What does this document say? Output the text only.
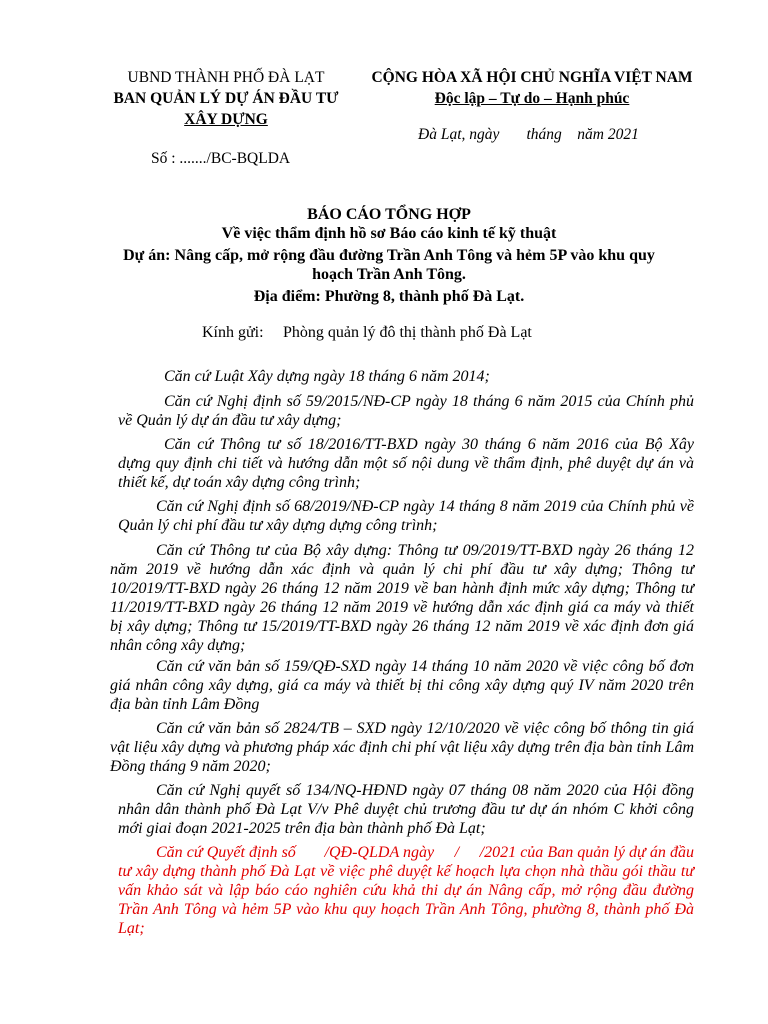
UBND THÀNH PHỐ ĐÀ LẠT
BAN QUẢN LÝ DỰ ÁN ĐẦU TƯ
XÂY DỰNG
Số : ......./BC-BQLDA
CỘNG HÒA XÃ HỘI CHỦ NGHĨA VIỆT NAM
Độc lập – Tự do – Hạnh phúc
Đà Lạt, ngày       tháng    năm 2021
BÁO CÁO TỔNG HỢP
Về việc thẩm định hồ sơ Báo cáo kinh tế kỹ thuật
Dự án: Nâng cấp, mở rộng đầu đường Trần Anh Tông và hẻm 5P vào khu quy
hoạch Trần Anh Tông.
Địa điểm: Phường 8, thành phố Đà Lạt.
Kính gửi: Phòng quản lý đô thị thành phố Đà Lạt
Căn cứ Luật Xây dựng ngày 18 tháng 6 năm 2014;
Căn cứ Nghị định số 59/2015/NĐ-CP ngày 18 tháng 6 năm 2015 của Chính phủ về Quản lý dự án đầu tư xây dựng;
Căn cứ Thông tư số 18/2016/TT-BXD ngày 30 tháng 6 năm 2016 của Bộ Xây dựng quy định chi tiết và hướng dẫn một số nội dung về thẩm định, phê duyệt dự án và thiết kế, dự toán xây dựng công trình;
Căn cứ Nghị định số 68/2019/NĐ-CP ngày 14 tháng 8 năm 2019 của Chính phủ về Quản lý chi phí đầu tư xây dựng dựng công trình;
Căn cứ Thông tư của Bộ xây dựng: Thông tư 09/2019/TT-BXD ngày 26 tháng 12 năm 2019 về hướng dẫn xác định và quản lý chi phí đầu tư xây dựng; Thông tư 10/2019/TT-BXD ngày 26 tháng 12 năm 2019 về ban hành định mức xây dựng; Thông tư 11/2019/TT-BXD ngày 26 tháng 12 năm 2019 về hướng dẫn xác định giá ca máy và thiết bị xây dựng; Thông tư 15/2019/TT-BXD ngày 26 tháng 12 năm 2019 về xác định đơn giá nhân công xây dựng;
Căn cứ văn bản số 159/QĐ-SXD ngày 14 tháng 10 năm 2020 về việc công bố đơn giá nhân công xây dựng, giá ca máy và thiết bị thi công xây dựng quý IV năm 2020 trên địa bàn tỉnh Lâm Đồng
Căn cứ văn bản số 2824/TB – SXD ngày 12/10/2020 về việc công bố thông tin giá vật liệu xây dựng và phương pháp xác định chi phí vật liệu xây dựng trên địa bàn tỉnh Lâm Đồng tháng 9 năm 2020;
Căn cứ Nghị quyết số 134/NQ-HĐND ngày 07 tháng 08 năm 2020 của Hội đồng nhân dân thành phố Đà Lạt V/v Phê duyệt chủ trương đầu tư dự án nhóm C khởi công mới giai đoạn 2021-2025 trên địa bàn thành phố Đà Lạt;
Căn cứ Quyết định số       /QĐ-QLDA ngày     /     /2021 của Ban quản lý dự án đầu tư xây dựng thành phố Đà Lạt về việc phê duyệt kế hoạch lựa chọn nhà thầu gói thầu tư vấn khảo sát và lập báo cáo nghiên cứu khả thi dự án Nâng cấp, mở rộng đầu đường Trần Anh Tông và hẻm 5P vào khu quy hoạch Trần Anh Tông, phường 8, thành phố Đà Lạt;
